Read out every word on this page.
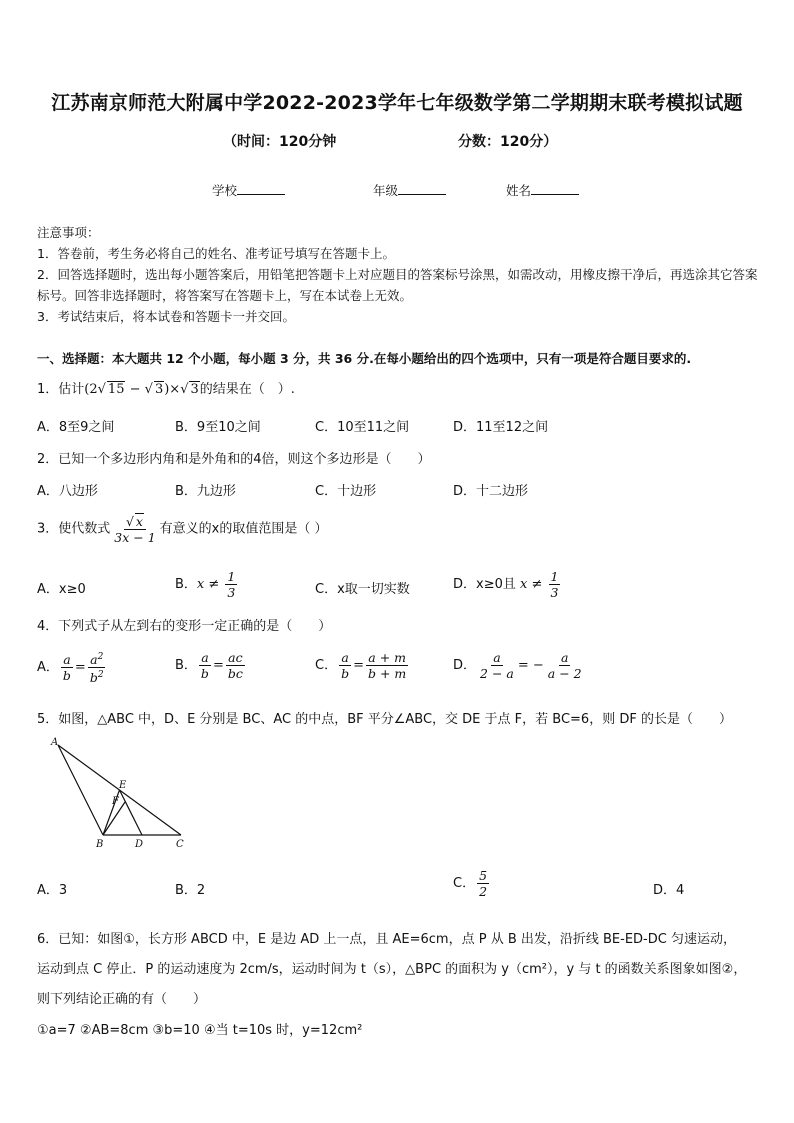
江苏南京师范大附属中学2022-2023学年七年级数学第二学期期末联考模拟试题
（时间：120分钟	分数：120分）
学校	年级	姓名
注意事项：
1．答卷前，考生务必将自己的姓名、准考证号填写在答题卡上。
2．回答选择题时，选出每小题答案后，用铅笔把答题卡上对应题目的答案标号涂黑，如需改动，用橡皮擦干净后，再选涂其它答案标号。回答非选择题时，将答案写在答题卡上，写在本试卷上无效。
3．考试结束后，将本试卷和答题卡一并交回。
一、选择题：本大题共 12 个小题，每小题 3 分，共 36 分.在每小题给出的四个选项中，只有一项是符合题目要求的.
1．估计(2√ 15 − √ 3)×√ 3的结果在（　）.
A．8至9之间	B．9至10之间	C．10至11之间	D．11至12之间
2．已知一个多边形内角和是外角和的4倍，则这个多边形是（　　）
A．八边形	B．九边形	C．十边形	D．十二边形
3．使代数式 $\frac{√ x}{3x - 1}$ 有意义的x的取值范围是（ ）
A．x≥0	B．$x \ne \frac{1}{3}$	C．x取一切实数	D．x≥0且 $x \ne \frac{1}{3}$
4．下列式子从左到右的变形一定正确的是（　　）
A． $\frac{a}{b} = \frac{a^2}{b^2}$	B． $\frac{a}{b} = \frac{ac}{bc}$	C． $\frac{a}{b} = \frac{a + m}{b + m}$	D． $\frac{a}{2 - a}$ = − $\frac{a}{a - 2}$
5．如图，△ABC 中，D、E 分别是 BC、AC 的中点，BF 平分∠ABC，交 DE 于点 F，若 BC=6，则 DF 的长是（　　）
A
E
F
B	D	C
A．3	B．2	C． $\frac{5}{2}$	D．4
6．已知：如图①，长方形 ABCD 中，E 是边 AD 上一点，且 AE=6cm，点 P 从 B 出发，沿折线 BE-ED-DC 匀速运动，
运动到点 C 停止．P 的运动速度为 2cm/s，运动时间为 t（s），△BPC 的面积为 y（cm²），y 与 t 的函数关系图象如图②，
则下列结论正确的有（　　）
①a=7 ②AB=8cm ③b=10 ④当 t=10s 时，y=12cm²
